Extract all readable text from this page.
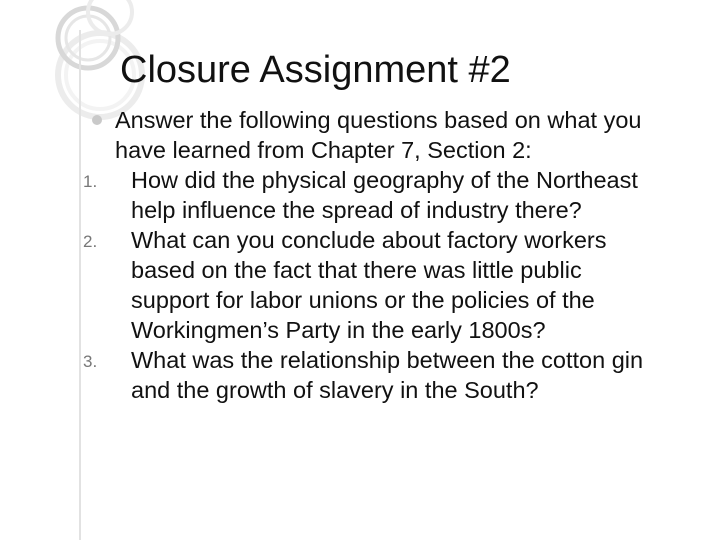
Closure Assignment #2
Answer the following questions based on what you
have learned from Chapter 7, Section 2:
1. How did the physical geography of the Northeast
help influence the spread of industry there?
2. What can you conclude about factory workers
based on the fact that there was little public
support for labor unions or the policies of the
Workingmen’s Party in the early 1800s?
3. What was the relationship between the cotton gin
and the growth of slavery in the South?
